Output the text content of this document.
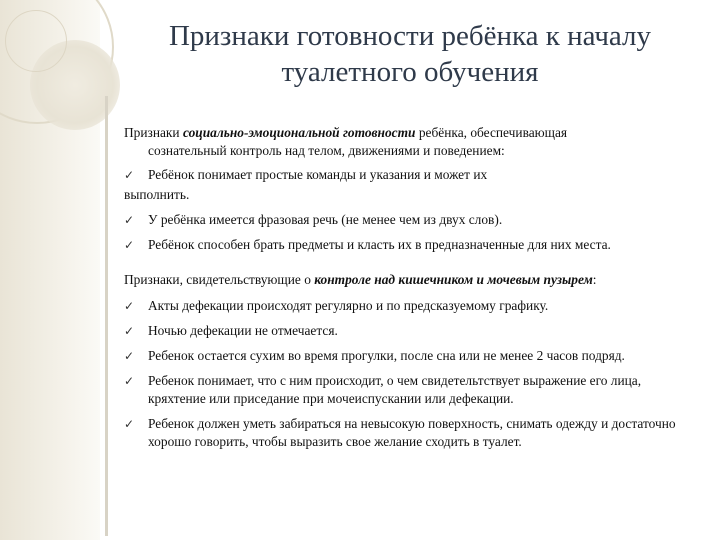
Признаки готовности ребёнка к началу туалетного обучения

Признаки социально-эмоциональной готовности ребёнка, обеспечивающая
сознательный контроль над телом, движениями и поведением:

✓	Ребёнок понимает простые команды и указания и может их
выполнить.
✓	У ребёнка имеется фразовая речь (не менее чем из двух слов).
✓	Ребёнок способен брать предметы и класть их в предназначенные для них места.

Признаки, свидетельствующие о контроле над кишечником и мочевым пузырем:

✓	Акты дефекации происходят регулярно и по предсказуемому графику.
✓	Ночью дефекации не отмечается.
✓	Ребенок остается сухим во время прогулки, после сна или не менее 2 часов подряд.
✓	Ребенок понимает, что с ним происходит, о чем свидетельтствует выражение его лица, кряхтение или приседание при мочеиспускании или дефекации.
✓	Ребенок должен уметь забираться на невысокую поверхность, снимать одежду и достаточно хорошо говорить, чтобы выразить свое желание сходить в туалет.
